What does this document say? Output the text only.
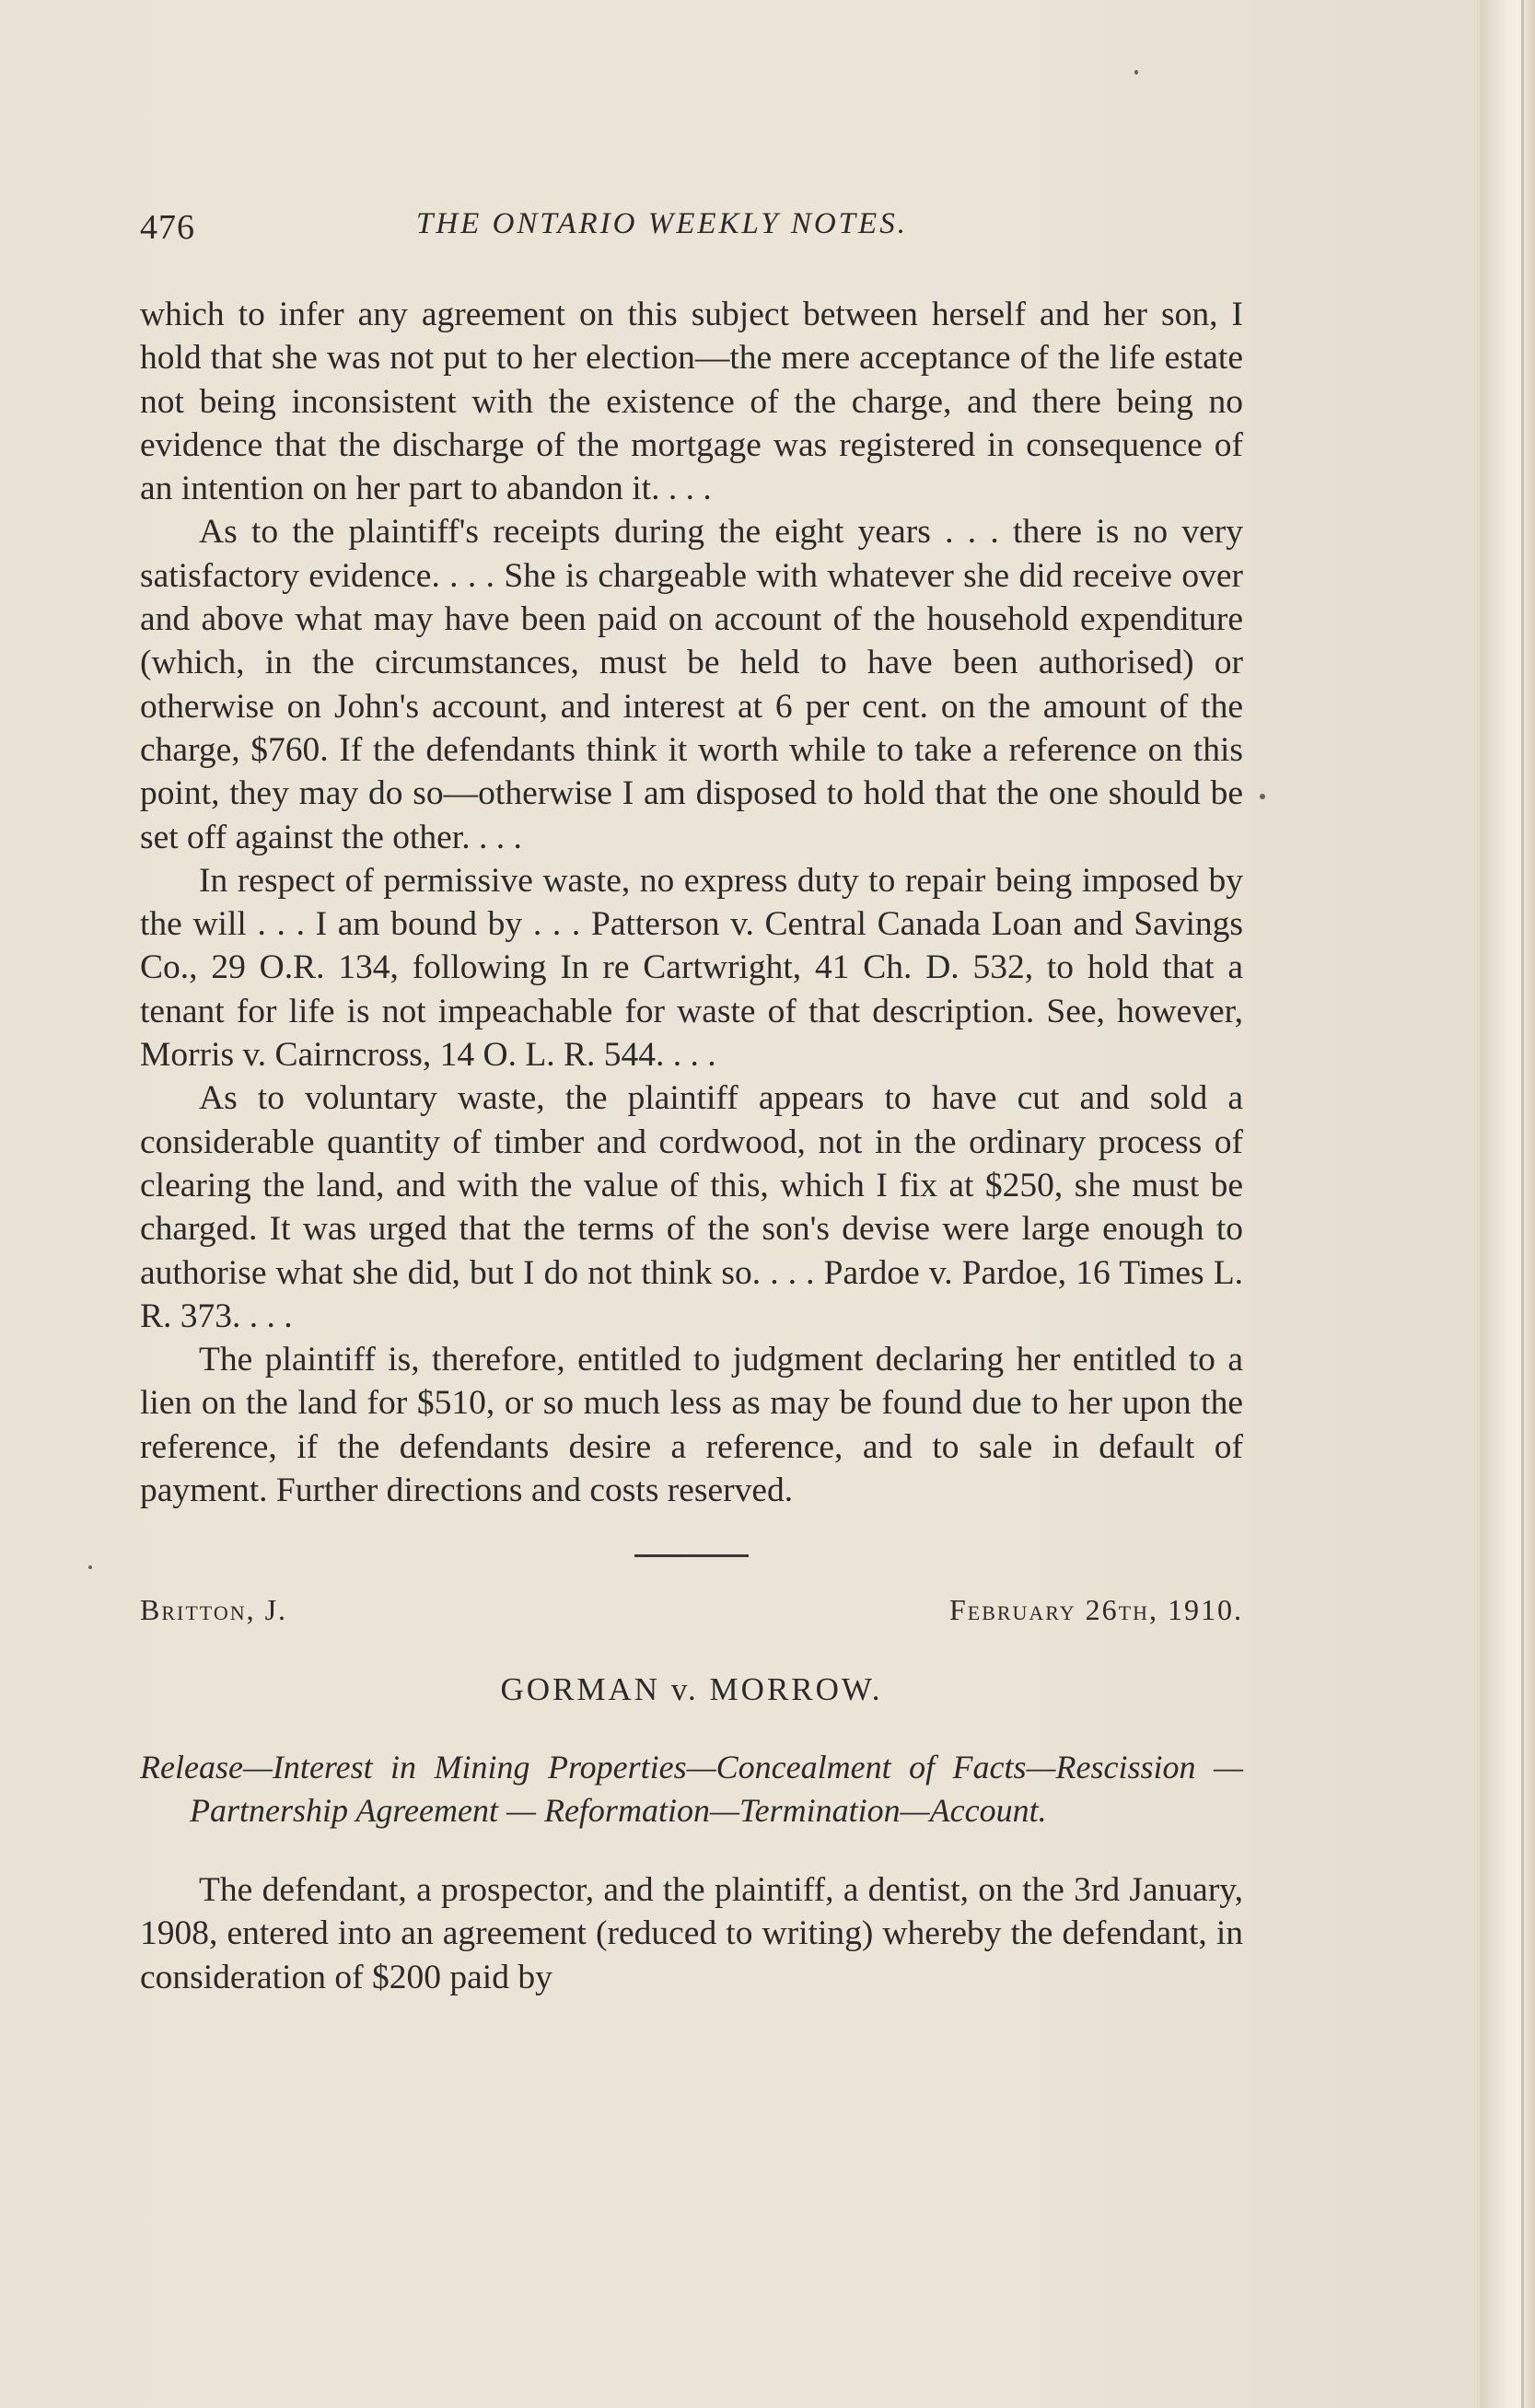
476	THE ONTARIO WEEKLY NOTES.

which to infer any agreement on this subject between herself and her son, I hold that she was not put to her election—the mere acceptance of the life estate not being inconsistent with the existence of the charge, and there being no evidence that the discharge of the mortgage was registered in consequence of an intention on her part to abandon it. . . .

As to the plaintiff's receipts during the eight years . . . there is no very satisfactory evidence. . . . She is chargeable with whatever she did receive over and above what may have been paid on account of the household expenditure (which, in the circumstances, must be held to have been authorised) or otherwise on John's account, and interest at 6 per cent. on the amount of the charge, $760. If the defendants think it worth while to take a reference on this point, they may do so—otherwise I am disposed to hold that the one should be set off against the other. . . .

In respect of permissive waste, no express duty to repair being imposed by the will . . . I am bound by . . . Patterson v. Central Canada Loan and Savings Co., 29 O.R. 134, following In re Cartwright, 41 Ch. D. 532, to hold that a tenant for life is not impeachable for waste of that description. See, however, Morris v. Cairncross, 14 O. L. R. 544. . . .

As to voluntary waste, the plaintiff appears to have cut and sold a considerable quantity of timber and cordwood, not in the ordinary process of clearing the land, and with the value of this, which I fix at $250, she must be charged. It was urged that the terms of the son's devise were large enough to authorise what she did, but I do not think so. . . . Pardoe v. Pardoe, 16 Times L. R. 373. . . .

The plaintiff is, therefore, entitled to judgment declaring her entitled to a lien on the land for $510, or so much less as may be found due to her upon the reference, if the defendants desire a reference, and to sale in default of payment. Further directions and costs reserved.

Britton, J.	February 26th, 1910.
GORMAN v. MORROW.
Release—Interest in Mining Properties—Concealment of Facts—Rescission — Partnership Agreement — Reformation—Termination—Account.

The defendant, a prospector, and the plaintiff, a dentist, on the 3rd January, 1908, entered into an agreement (reduced to writing) whereby the defendant, in consideration of $200 paid by
